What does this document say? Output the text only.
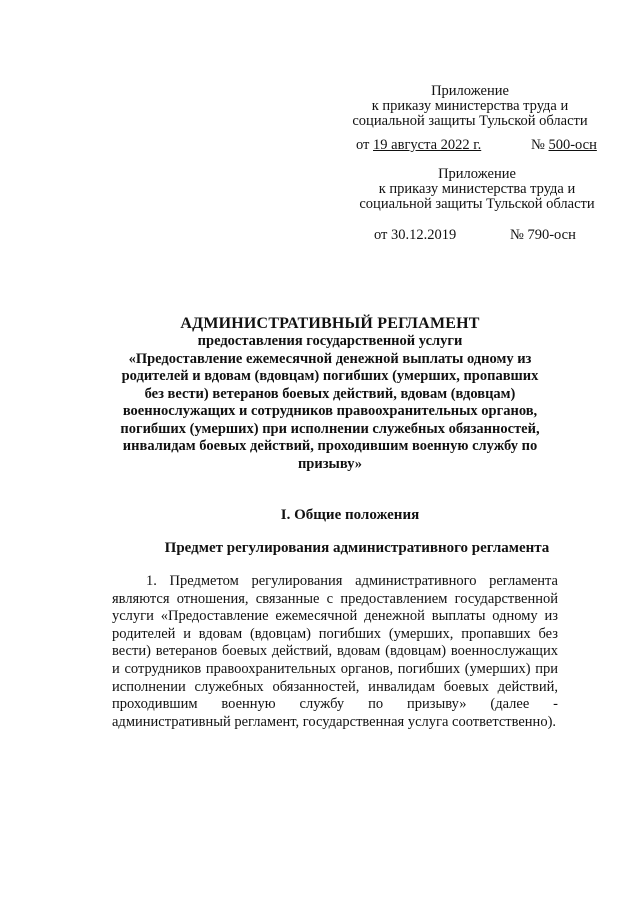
Приложение
к приказу министерства труда и
социальной защиты Тульской области
от 19 августа 2022 г.	№ 500-осн
Приложение
к приказу министерства труда и
социальной защиты Тульской области
от 30.12.2019	№ 790-осн
АДМИНИСТРАТИВНЫЙ РЕГЛАМЕНТ
предоставления государственной услуги
«Предоставление ежемесячной денежной выплаты одному из
родителей и вдовам (вдовцам) погибших (умерших, пропавших
без вести) ветеранов боевых действий, вдовам (вдовцам)
военнослужащих и сотрудников правоохранительных органов,
погибших (умерших) при исполнении служебных обязанностей,
инвалидам боевых действий, проходившим военную службу по
призыву»
I. Общие положения
Предмет регулирования административного регламента

1. Предметом регулирования административного регламента являются отношения, связанные с предоставлением государственной услуги «Предоставление ежемесячной денежной выплаты одному из родителей и вдовам (вдовцам) погибших (умерших, пропавших без вести) ветеранов боевых действий, вдовам (вдовцам) военнослужащих и сотрудников правоохранительных органов, погибших (умерших) при исполнении служебных обязанностей, инвалидам боевых действий, проходившим военную службу по призыву» (далее - административный регламент, государственная услуга соответственно).
